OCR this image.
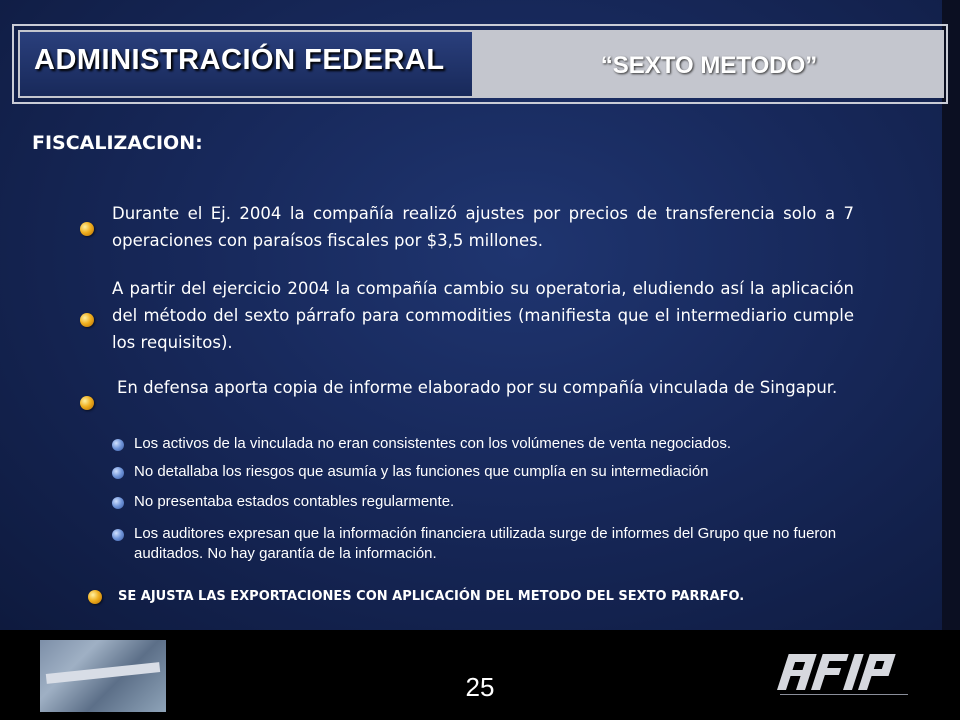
ADMINISTRACIÓN FEDERAL	“SEXTO METODO”
FISCALIZACION:
Durante el Ej. 2004 la compañía realizó ajustes por precios de transferencia solo a 7 operaciones con paraísos fiscales por $3,5 millones.
A partir del ejercicio 2004 la compañía cambio su operatoria, eludiendo así la aplicación del método del sexto párrafo para commodities (manifiesta que el intermediario cumple los requisitos).
En defensa aporta copia de informe elaborado por su compañía vinculada de Singapur.
Los activos de la vinculada no eran consistentes con los volúmenes de venta negociados.
No detallaba los riesgos que asumía y las funciones que cumplía en su intermediación
No presentaba estados contables regularmente.
Los auditores expresan que la información financiera utilizada surge de informes del Grupo que no fueron auditados. No hay garantía de la información.
SE AJUSTA LAS EXPORTACIONES CON APLICACIÓN DEL METODO DEL SEXTO PARRAFO.
25
